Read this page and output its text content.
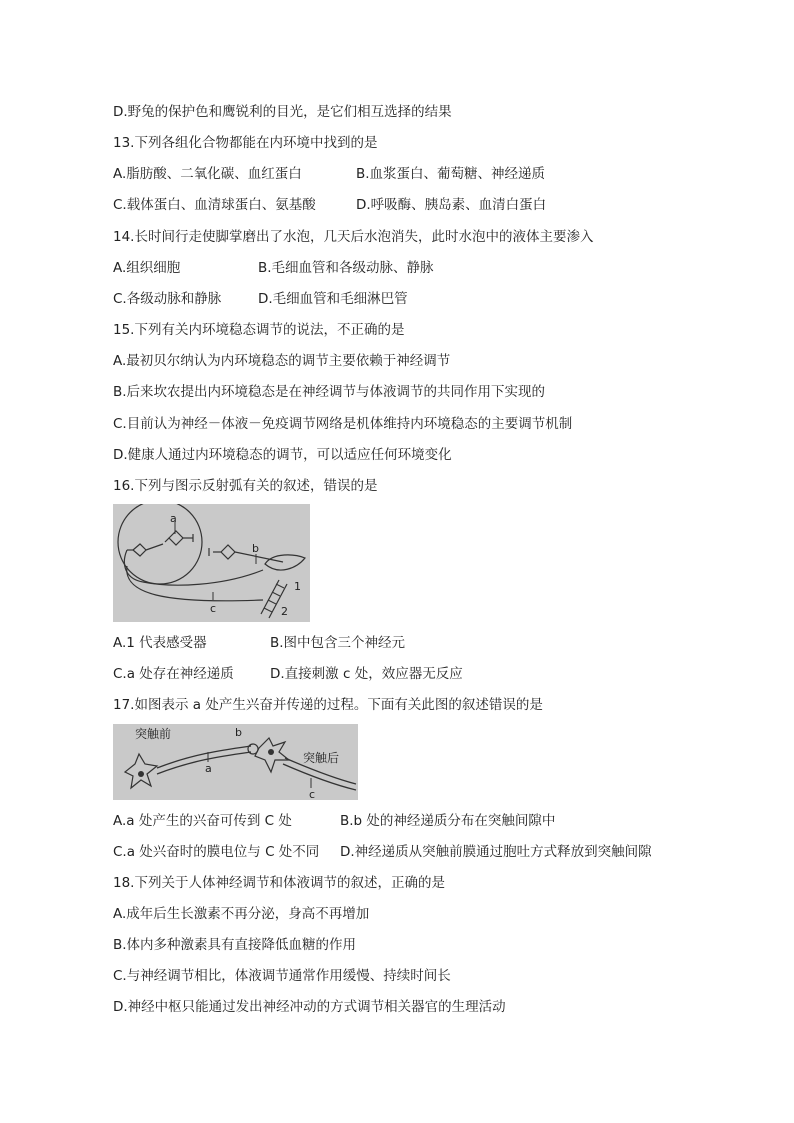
D.野兔的保护色和鹰锐利的目光，是它们相互选择的结果
13.下列各组化合物都能在内环境中找到的是
A.脂肪酸、二氧化碳、血红蛋白	B.血浆蛋白、葡萄糖、神经递质
C.载体蛋白、血清球蛋白、氨基酸	D.呼吸酶、胰岛素、血清白蛋白
14.长时间行走使脚掌磨出了水泡，几天后水泡消失，此时水泡中的液体主要渗入
A.组织细胞	B.毛细血管和各级动脉、静脉
C.各级动脉和静脉	D.毛细血管和毛细淋巴管
15.下列有关内环境稳态调节的说法，不正确的是
A.最初贝尔纳认为内环境稳态的调节主要依赖于神经调节
B.后来坎农提出内环境稳态是在神经调节与体液调节的共同作用下实现的
C.目前认为神经－体液－免疫调节网络是机体维持内环境稳态的主要调节机制
D.健康人通过内环境稳态的调节，可以适应任何环境变化
16.下列与图示反射弧有关的叙述，错误的是
a
b
c
1
2
A.1 代表感受器	B.图中包含三个神经元
C.a 处存在神经递质	D.直接刺激 c 处，效应器无反应
17.如图表示 a 处产生兴奋并传递的过程。下面有关此图的叙述错误的是
突触前
突触后
a
b
c
A.a 处产生的兴奋可传到 C 处	B.b 处的神经递质分布在突触间隙中
C.a 处兴奋时的膜电位与 C 处不同 D.神经递质从突触前膜通过胞吐方式释放到突触间隙
18.下列关于人体神经调节和体液调节的叙述，正确的是
A.成年后生长激素不再分泌，身高不再增加
B.体内多种激素具有直接降低血糖的作用
C.与神经调节相比，体液调节通常作用缓慢、持续时间长
D.神经中枢只能通过发出神经冲动的方式调节相关器官的生理活动
